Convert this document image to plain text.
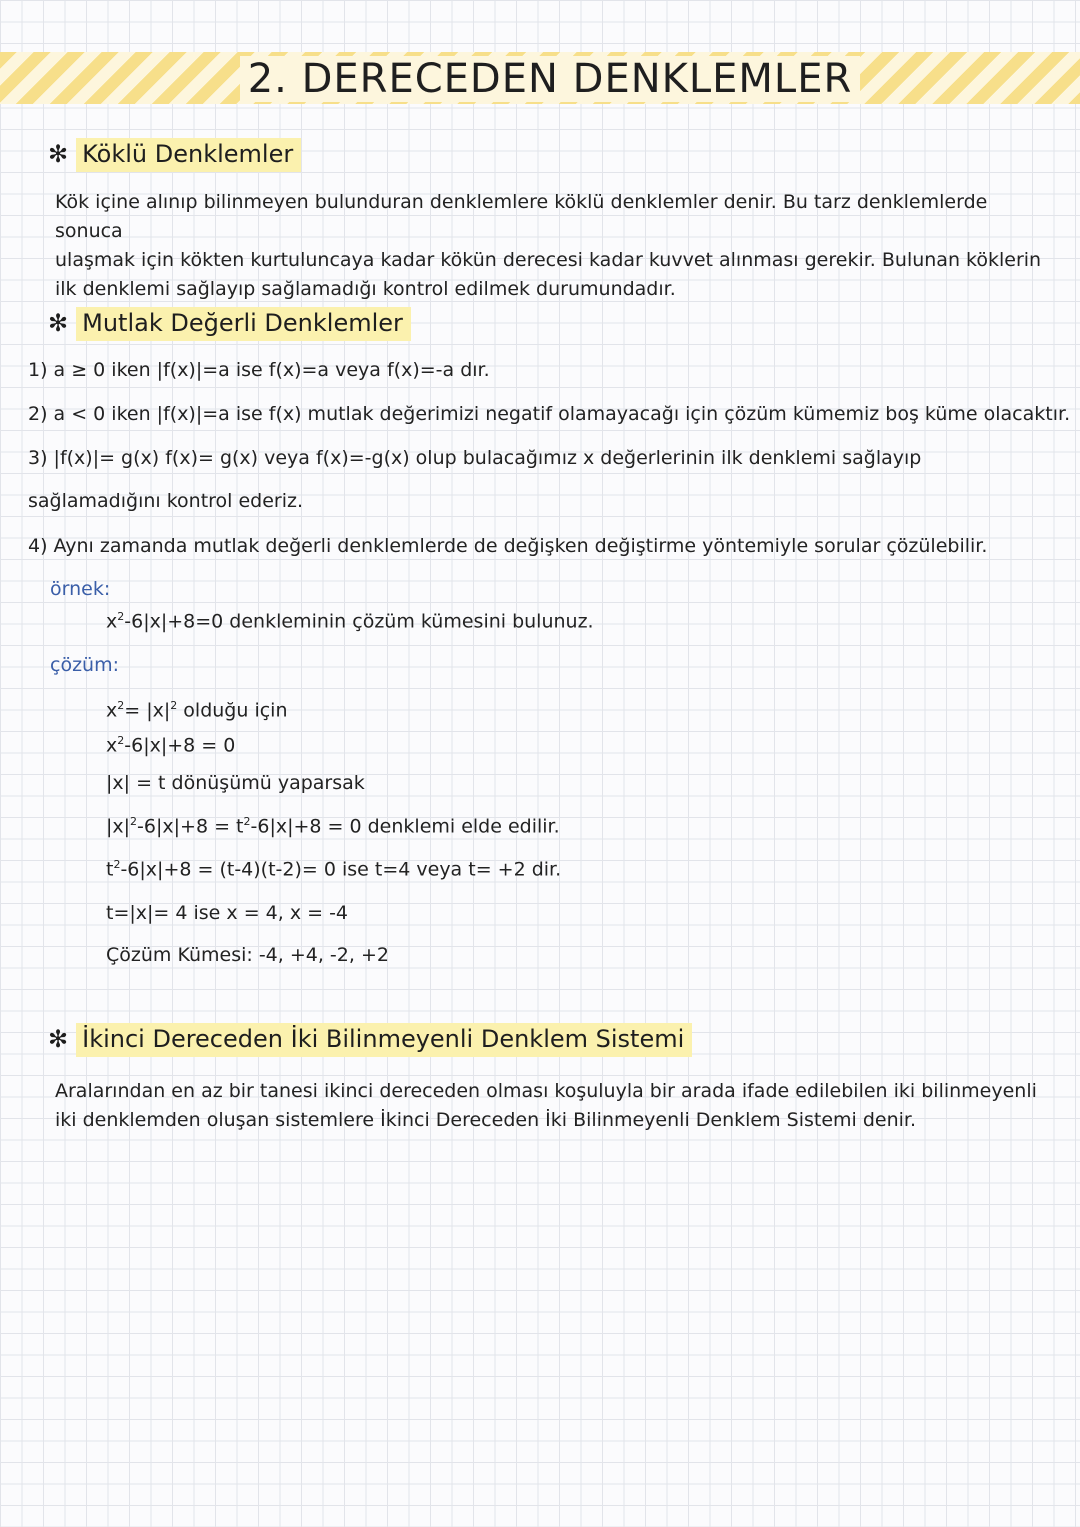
2. DERECEDEN DENKLEMLER
✻ Köklü Denklemler
Kök içine alınıp bilinmeyen bulunduran denklemlere köklü denklemler denir. Bu tarz denklemlerde sonuca
ulaşmak için kökten kurtuluncaya kadar kökün derecesi kadar kuvvet alınması gerekir. Bulunan köklerin
ilk denklemi sağlayıp sağlamadığı kontrol edilmek durumundadır.
✻ Mutlak Değerli Denklemler
1) a ≥ 0 iken |f(x)|=a ise f(x)=a veya f(x)=-a dır.
2) a < 0 iken |f(x)|=a ise f(x) mutlak değerimizi negatif olamayacağı için çözüm kümemiz boş küme olacaktır.
3) |f(x)|= g(x) f(x)= g(x) veya f(x)=-g(x) olup bulacağımız x değerlerinin ilk denklemi sağlayıp
sağlamadığını kontrol ederiz.
4) Aynı zamanda mutlak değerli denklemlerde de değişken değiştirme yöntemiyle sorular çözülebilir.
örnek:
$x^2-6|x|+8=0$ denkleminin çözüm kümesini bulunuz.
çözüm:
$x^2= |x|^2$ olduğu için
$x^2-6|x|+8 = 0$
|x| = t dönüşümü yaparsak
$|x|^2-6|x|+8 = t^2-6|x|+8 = 0$ denklemi elde edilir.
$t^2-6|x|+8 = (t-4)(t-2)= 0$ ise t=4 veya t= +2 dir.
t=|x|= 4 ise x = 4, x = -4
Çözüm Kümesi: -4, +4, -2, +2
✻ İkinci Dereceden İki Bilinmeyenli Denklem Sistemi
Aralarından en az bir tanesi ikinci dereceden olması koşuluyla bir arada ifade edilebilen iki bilinmeyenli
iki denklemden oluşan sistemlere İkinci Dereceden İki Bilinmeyenli Denklem Sistemi denir.
